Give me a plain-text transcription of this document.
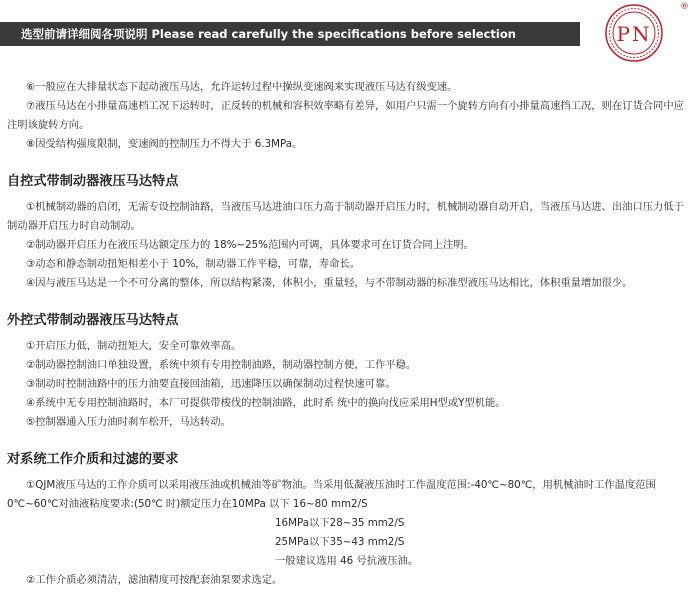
选型前请详细阅各项说明 Please read carefully the specifications before selection	PN
®

⑥一般应在大排量状态下起动液压马达，允许运转过程中操纵变速阀来实现液压马达有级变速。

⑦液压马达在小排量高速档工况下运转时，正反转的机械和容积效率略有差异，如用户只需一个旋转方向有小排量高速挡工况，则在订货合同中应注明该旋转方向。

⑧因受结构强度限制，变速阀的控制压力不得大于 6.3MPa。

自控式带制动器液压马达特点

①机械制动器的启闭，无需专设控制油路，当液压马达进油口压力高于制动器开启压力时，机械制动器自动开启，当液压马达进、出油口压力低于制动器开启压力时自动制动。

②制动器开启压力在液压马达额定压力的 18%~25%范围内可调，具体要求可在订货合同上注明。

③动态和静态制动扭矩相差小于 10%，制动器工作平稳，可靠，寿命长。

④因与液压马达是一个不可分离的整体，所以结构紧凑，体积小，重量轻，与不带制动器的标准型液压马达相比，体积重量增加很少。

外控式带制动器液压马达特点

①开启压力低，制动扭矩大，安全可靠效率高。

②制动器控制油口单独设置，系统中须有专用控制油路，制动器控制方便，工作平稳。

③制动时控制油路中的压力油要直接回油箱，迅速降压以确保制动过程快速可靠。

④系统中无专用控制油路时，本厂可提供带梭伐的控制油路，此时系 统中的换向伐应采用H型或Y型机能。

⑤控制器通入压力油时刹车松开，马达转动。

对系统工作介质和过滤的要求

①QJM液压马达的工作介质可以采用液压油或机械油等矿物油。当采用低凝液压油时工作温度范围:-40℃~80℃，用机械油时工作温度范围0℃~60℃对油液粘度要求:(50℃ 时)额定压力在10MPa 以下 16~80 mm2/S

16MPa以下28~35 mm2/S

25MPa以下35~43 mm2/S

一般建议选用 46 号抗液压油。

②工作介质必须清洁，滤油精度可按配套油泵要求选定。
